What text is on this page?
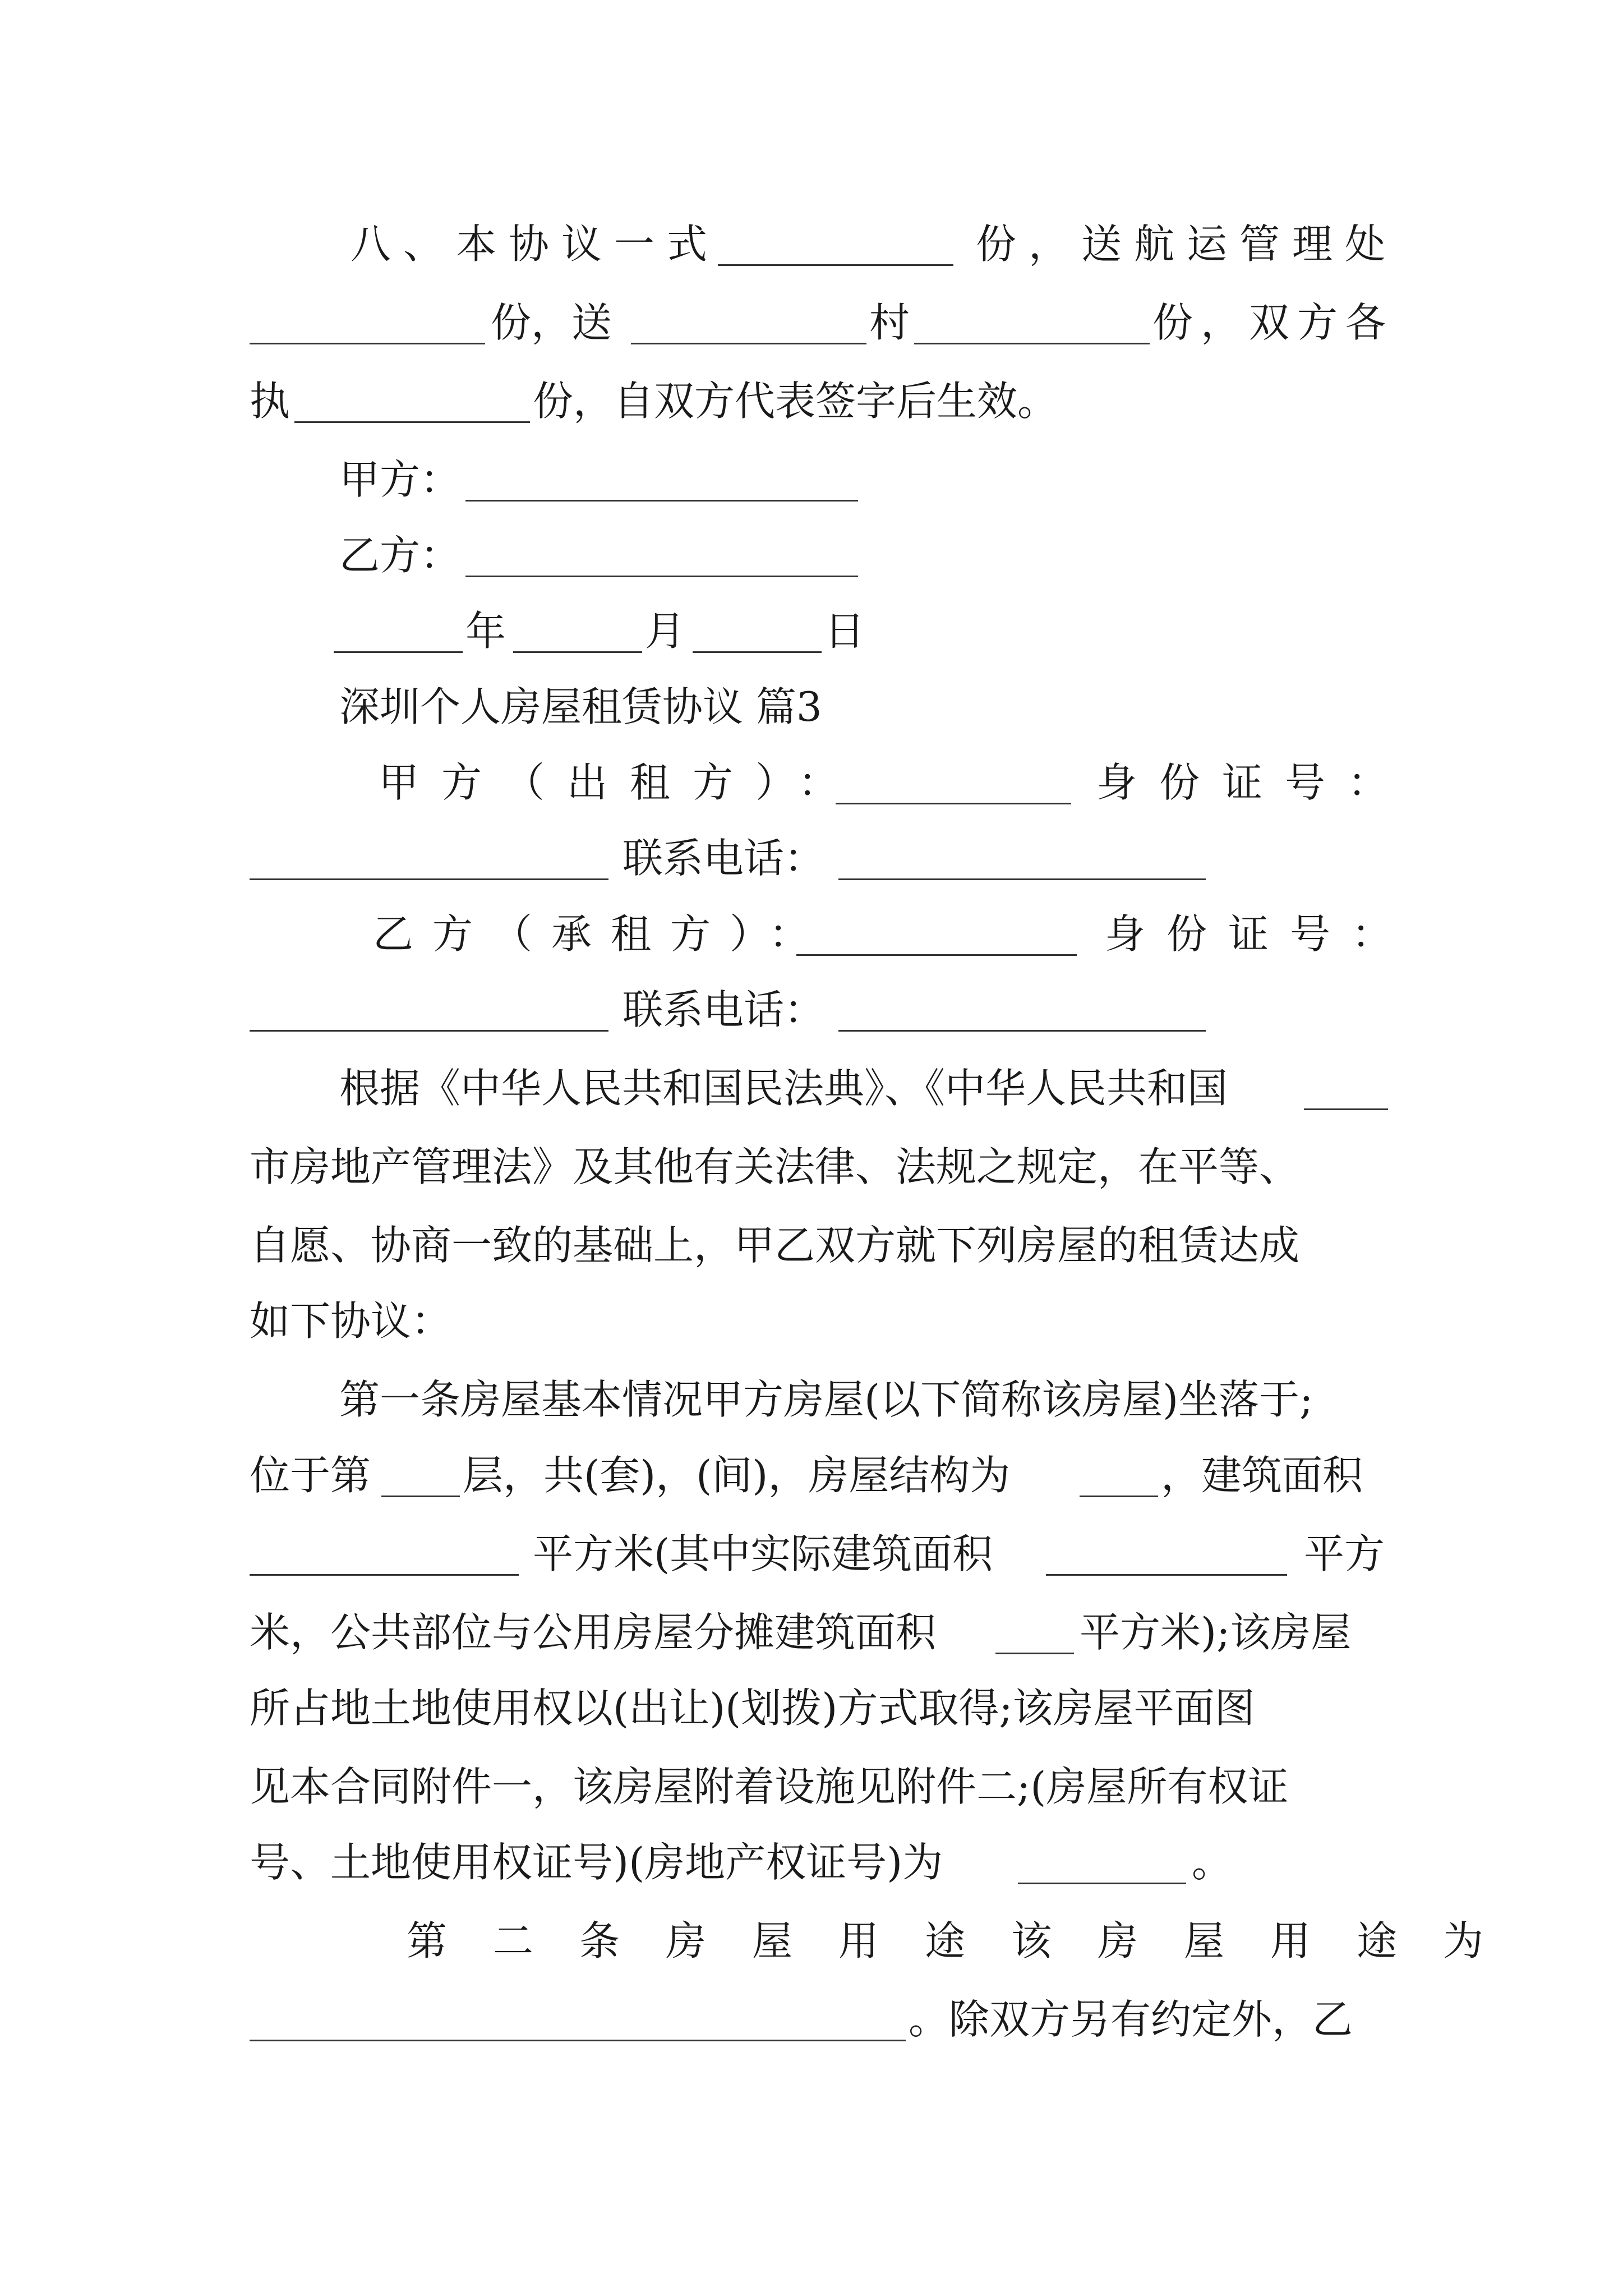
八、本协议一式	份，送航运管理处
份，送	村	份，双方各
执	份，自双方代表签字后生效。
甲方：
乙方：
年	月	日
深圳个人房屋租赁协议 篇3
甲方（出租方）：	身份证号：
联系电话：
乙方（承租方）：	身份证号：
联系电话：
根据《中华人民共和国民法典》、《中华人民共和国
市房地产管理法》及其他有关法律、法规之规定，在平等、
自愿、协商一致的基础上，甲乙双方就下列房屋的租赁达成
如下协议：
第一条房屋基本情况甲方房屋(以下简称该房屋)坐落于;
位于第 层，共(套)，(间)，房屋结构为	，建筑面积
平方米(其中实际建筑面积	平方
米，公共部位与公用房屋分摊建筑面积	平方米);该房屋
所占地土地使用权以(出让)(划拨)方式取得;该房屋平面图
见本合同附件一，该房屋附着设施见附件二;(房屋所有权证
号、土地使用权证号)(房地产权证号)为	。
第二条房屋用途该房屋用途为
。除双方另有约定外，乙
